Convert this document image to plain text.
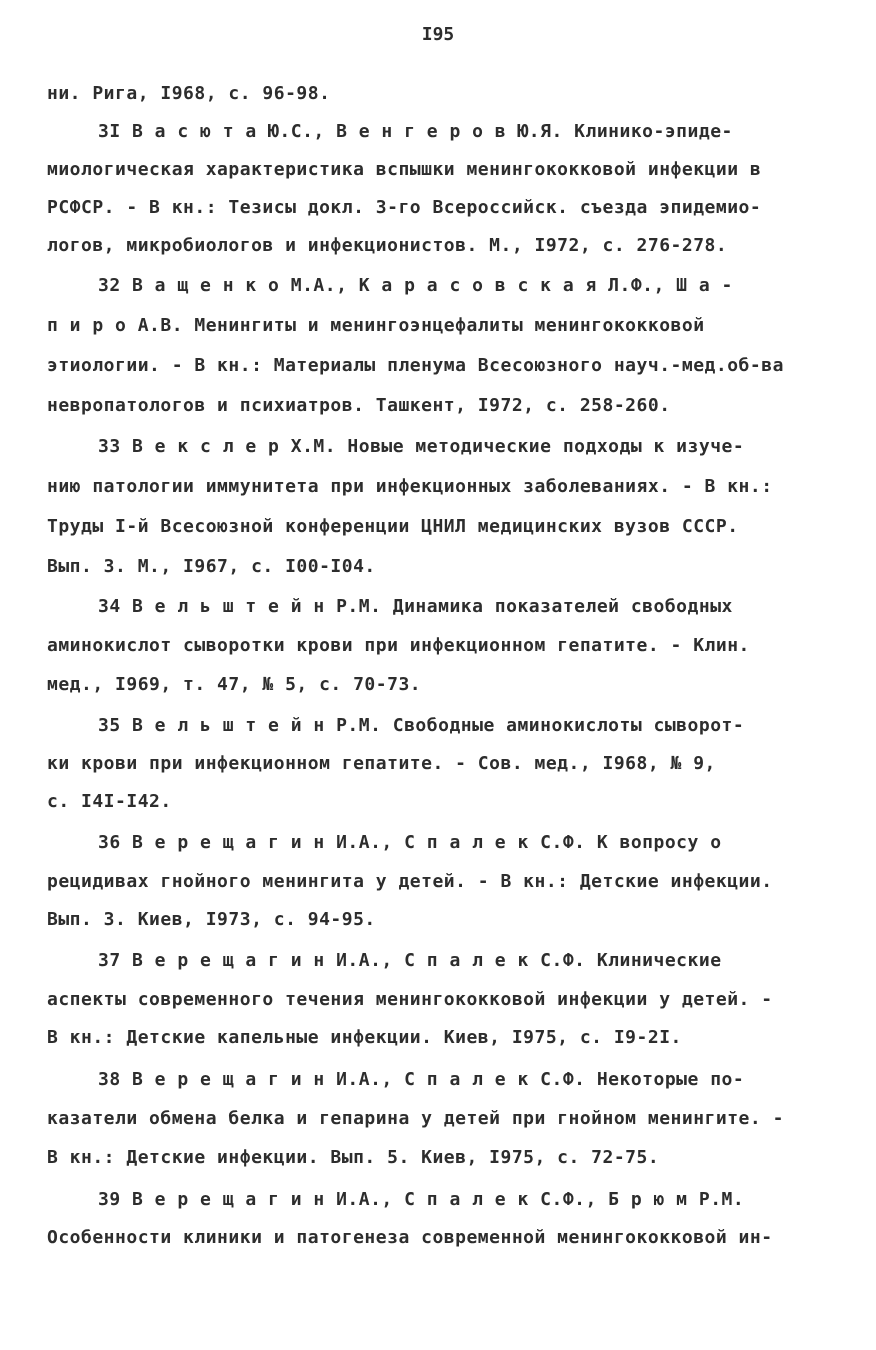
I95
ни. Рига, I968, с. 96-98.
3I В а с ю т а Ю.С., В е н г е р о в Ю.Я. Клинико-эпиде-
миологическая характеристика вспышки менингококковой инфекции в
РСФСР. - В кн.: Тезисы докл. 3-го Всероссийск. съезда эпидемио-
логов, микробиологов и инфекционистов. М., I972, с. 276-278.
32 В а щ е н к о М.А., К а р а с о в с к а я Л.Ф., Ш а -
п и р о А.В. Менингиты и менингоэнцефалиты менингококковой
этиологии. - В кн.: Материалы пленума Всесоюзного науч.-мед.об-ва
невропатологов и психиатров. Ташкент, I972, с. 258-260.
33 В е к с л е р Х.М. Новые методические подходы к изуче-
нию патологии иммунитета при инфекционных заболеваниях. - В кн.:
Труды I-й Всесоюзной конференции ЦНИЛ медицинских вузов СССР.
Вып. 3. М., I967, с. I00-I04.
34 В е л ь ш т е й н Р.М. Динамика показателей свободных
аминокислот сыворотки крови при инфекционном гепатите. - Клин.
мед., I969, т. 47, № 5, с. 70-73.
35 В е л ь ш т е й н Р.М. Свободные аминокислоты сыворот-
ки крови при инфекционном гепатите. - Сов. мед., I968, № 9,
с. I4I-I42.
36 В е р е щ а г и н И.А., С п а л е к С.Ф. К вопросу о
рецидивах гнойного менингита у детей. - В кн.: Детские инфекции.
Вып. 3. Киев, I973, с. 94-95.
37 В е р е щ а г и н И.А., С п а л е к С.Ф. Клинические
аспекты современного течения менингококковой инфекции у детей. -
В кн.: Детские капельные инфекции. Киев, I975, с. I9-2I.
38 В е р е щ а г и н И.А., С п а л е к С.Ф. Некоторые по-
казатели обмена белка и гепарина у детей при гнойном менингите. -
В кн.: Детские инфекции. Вып. 5. Киев, I975, с. 72-75.
39 В е р е щ а г и н И.А., С п а л е к С.Ф., Б р ю м Р.М.
Особенности клиники и патогенеза современной менингококковой ин-
